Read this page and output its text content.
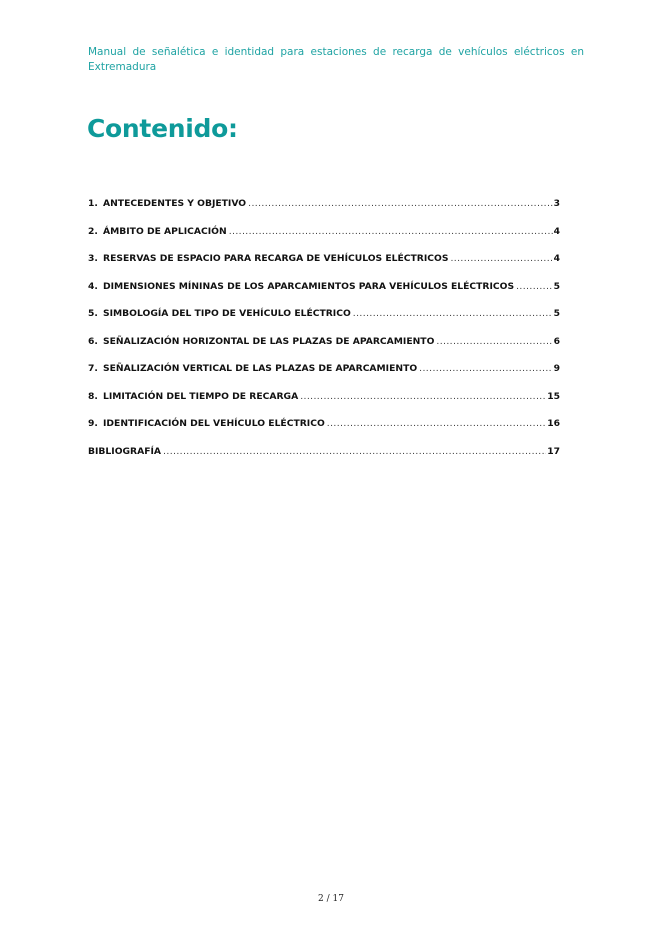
Manual de señalética e identidad para estaciones de recarga de vehículos eléctricos en Extremadura
Contenido:
1. ANTECEDENTES Y OBJETIVO .....	3
2. ÁMBITO DE APLICACIÓN .....	4
3. RESERVAS DE ESPACIO PARA RECARGA DE VEHÍCULOS ELÉCTRICOS .....	4
4. DIMENSIONES MÍNINAS DE LOS APARCAMIENTOS PARA VEHÍCULOS ELÉCTRICOS .....	5
5. SIMBOLOGÍA DEL TIPO DE VEHÍCULO ELÉCTRICO .....	5
6. SEÑALIZACIÓN HORIZONTAL DE LAS PLAZAS DE APARCAMIENTO .....	6
7. SEÑALIZACIÓN VERTICAL DE LAS PLAZAS DE APARCAMIENTO .....	9
8. LIMITACIÓN DEL TIEMPO DE RECARGA .....	15
9. IDENTIFICACIÓN DEL VEHÍCULO ELÉCTRICO .....	16
BIBLIOGRAFÍA .....	17
2 / 17
